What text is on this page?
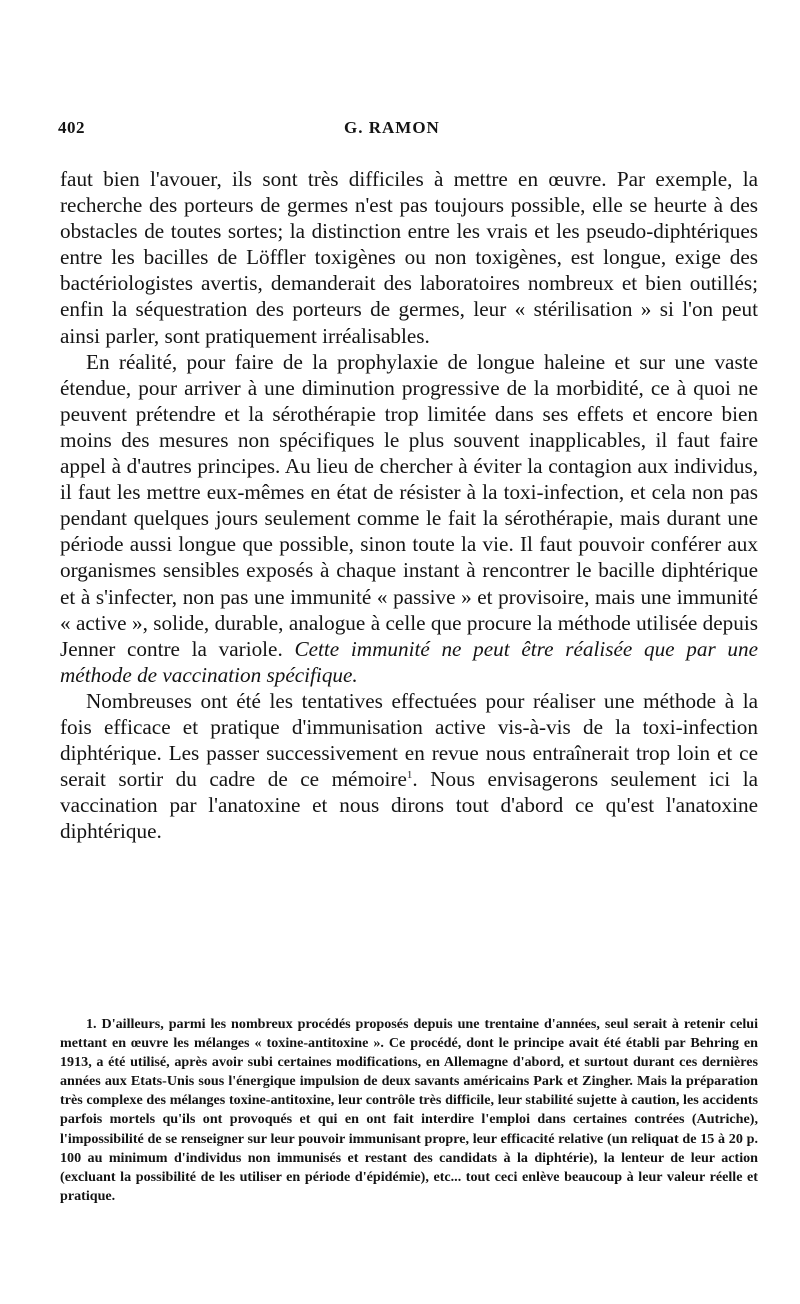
402	G. RAMON

faut bien l'avouer, ils sont très difficiles à mettre en œuvre. Par exemple, la recherche des porteurs de germes n'est pas toujours possible, elle se heurte à des obstacles de toutes sortes; la distinction entre les vrais et les pseudo-diphtériques entre les bacilles de Löffler toxigènes ou non toxigènes, est longue, exige des bactériologistes avertis, demanderait des laboratoires nombreux et bien outillés; enfin la séquestration des porteurs de germes, leur « stérilisation » si l'on peut ainsi parler, sont pratiquement irréalisables.

En réalité, pour faire de la prophylaxie de longue haleine et sur une vaste étendue, pour arriver à une diminution progressive de la morbidité, ce à quoi ne peuvent prétendre et la sérothérapie trop limitée dans ses effets et encore bien moins des mesures non spécifiques le plus souvent inapplicables, il faut faire appel à d'autres principes. Au lieu de chercher à éviter la contagion aux individus, il faut les mettre eux-mêmes en état de résister à la toxi-infection, et cela non pas pendant quelques jours seulement comme le fait la sérothérapie, mais durant une période aussi longue que possible, sinon toute la vie. Il faut pouvoir conférer aux organismes sensibles exposés à chaque instant à rencontrer le bacille diphtérique et à s'infecter, non pas une immunité « passive » et provisoire, mais une immunité « active », solide, durable, analogue à celle que procure la méthode utilisée depuis Jenner contre la variole. Cette immunité ne peut être réalisée que par une méthode de vaccination spécifique.

Nombreuses ont été les tentatives effectuées pour réaliser une méthode à la fois efficace et pratique d'immunisation active vis-à-vis de la toxi-infection diphtérique. Les passer successivement en revue nous entraînerait trop loin et ce serait sortir du cadre de ce mémoire$^1$. Nous envisagerons seulement ici la vaccination par l'anatoxine et nous dirons tout d'abord ce qu'est l'anatoxine diphtérique.

1. D'ailleurs, parmi les nombreux procédés proposés depuis une trentaine d'années, seul serait à retenir celui mettant en œuvre les mélanges « toxine-antitoxine ». Ce procédé, dont le principe avait été établi par Behring en 1913, a été utilisé, après avoir subi certaines modifications, en Allemagne d'abord, et surtout durant ces dernières années aux Etats-Unis sous l'énergique impulsion de deux savants américains Park et Zingher. Mais la préparation très complexe des mélanges toxine-antitoxine, leur contrôle très difficile, leur stabilité sujette à caution, les accidents parfois mortels qu'ils ont provoqués et qui en ont fait interdire l'emploi dans certaines contrées (Autriche), l'impossibilité de se renseigner sur leur pouvoir immunisant propre, leur efficacité relative (un reliquat de 15 à 20 p. 100 au minimum d'individus non immunisés et restant des candidats à la diphtérie), la lenteur de leur action (excluant la possibilité de les utiliser en période d'épidémie), etc... tout ceci enlève beaucoup à leur valeur réelle et pratique.
